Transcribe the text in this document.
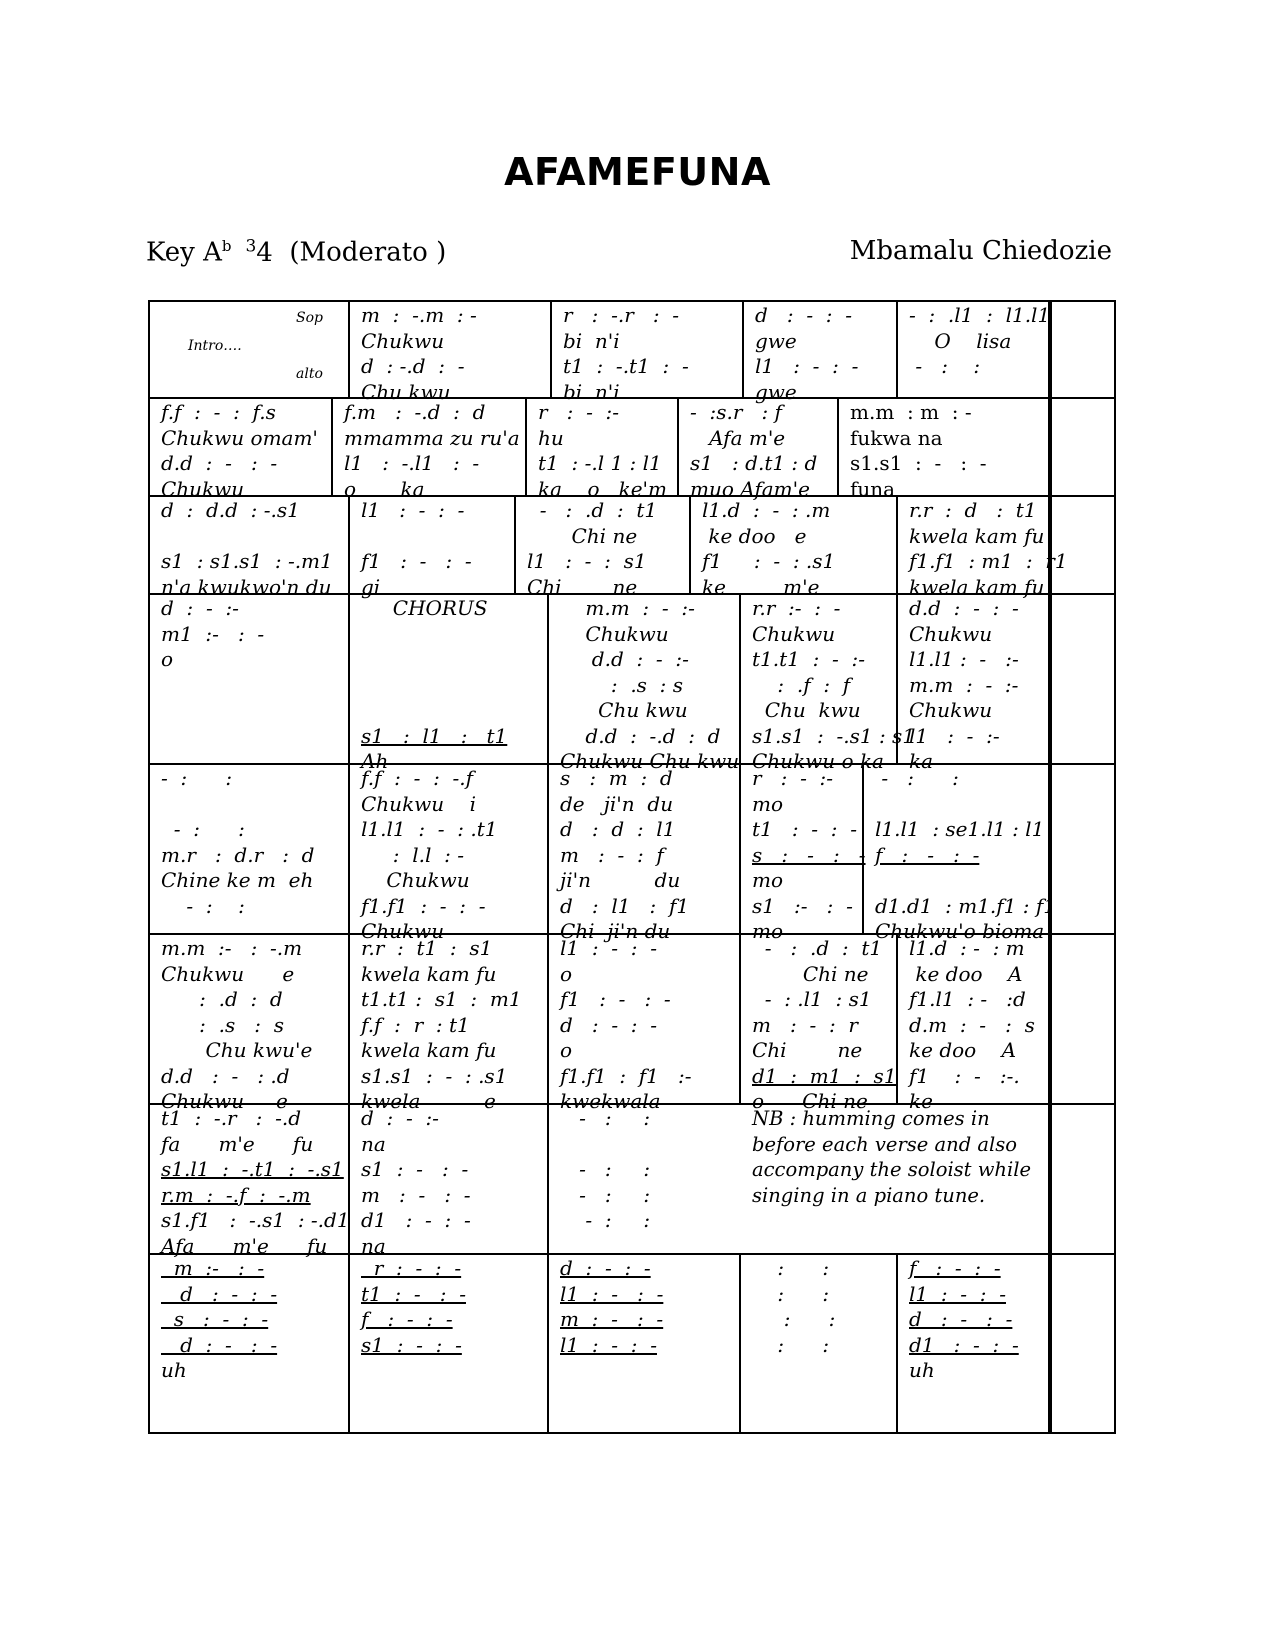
AFAMEFUNA
Key $A^b$ $^3$4 (Moderato )	Mbamalu Chiedozie
Sop
Intro….
alto
m  :  -.m  : -
Chukwu
d  : -.d  :  -
Chu kwu
r   :  -.r   :  -
bi  n'i
t1  :  -.t1  :  -
bi  n'i
d   :  -  :  -
gwe
l1   :  -  :  -
gwe
-  :  .l1  :  l1.l1
O    lisa
-   :    :
f.f  :  -  :  f.s
Chukwu omam'
d.d  :  -   :  -
Chukwu
f.m   :  -.d  :  d
mmamma zu ru'a
l1   :  -.l1   :  -
o       ka
r   :  -  :-
hu
t1  : -.l 1 : l1
ka    o   ke'm
-  :s.r   : f
Afa m'e
s1   : d.t1 : d
muo Afam'e
m.m  : m  : -
fukwa na
s1.s1  :  -   :  -
funa
d  :  d.d  : -.s1
s1  : s1.s1  : -.m1
n'a kwukwo'n du
l1   :  -  :  -
f1   :  -   :  -
gi
-   :  .d  :  t1
Chi ne
l1   :  -  :  s1
Chi        ne
l1.d  :  -  : .m
ke doo   e
f1     :  -  : .s1
ke         m'e
r.r  :  d   :  t1
kwela kam fu
f1.f1  : m1  :  r1
kwela kam fu
d  :  -  :-
m1  :-   :  -
o
CHORUS
s1   :  l1   :   t1
Ah
m.m  :  -  :-
Chukwu
d.d  :  -  :-
:  .s  : s
Chu kwu
d.d  :  -.d  :  d
Chukwu Chu kwu
r.r  :-  :  -
Chukwu
t1.t1  :  -  :-
:  .f  :  f
Chu  kwu
s1.s1  :  -.s1 : s1
Chukwu o ka
d.d  :  -  :  -
Chukwu
l1.l1 :  -   :-
m.m  :  -  :-
Chukwu
l1   :  -  :-
ka
-  :      :
-  :      :
m.r   :  d.r   :  d
Chine ke m  eh
-  :    :
f.f  :  -  :  -.f
Chukwu    i
l1.l1  :  -  : .t1
:  l.l  : -
Chukwu
f1.f1  :  -  :  -
Chukwu
s   :  m  :  d
de   ji'n  du
d   :  d  :  l1
m   :  -  :  f
ji'n          du
d   :  l1   :  f1
Chi  ji'n du
r   :  -  :-
mo
t1   :  -  :  -
s   :   -   :   -
mo
s1   :-   :  -
mo
-   :      :
l1.l1  : se1.l1 : l1
f   :   -   :  -
d1.d1  : m1.f1 : f1
Chukwu'o bioma
m.m  :-   :  -.m
Chukwu      e
:  .d  :  d
:  .s   :  s
Chu kwu'e
d.d   :  -   : .d
Chukwu     e
r.r  :  t1  :  s1
kwela kam fu
t1.t1 :  s1  :  m1
f.f  :  r  : t1
kwela kam fu
s1.s1  :  -  : .s1
kwela          e
l1  :  -  :  -
o
f1   :  -   :  -
d   :  -  :  -
o
f1.f1  :  f1   :-
kwekwala
-   :  .d  :  t1
Chi ne
-  : .l1  : s1
m   :  -  :  r
Chi        ne
d1  :  m1  :  s1
o      Chi ne
l1.d  : -  : m
ke doo    A
f1.l1  : -   :d
d.m  :  -   :  s
ke doo    A
f1    :  -   :-.
ke
t1  :  -.r   :  -.d
fa      m'e      fu
s1.l1  :  -.t1  :  -.s1
r.m  :  -.f  :  -.m
s1.f1   :  -.s1  : -.d1
Afa      m'e      fu
d  :  -  :-
na
s1  :  -   :  -
m   :  -   :  -
d1   :  -  :  -
na
-   :     :
-   :     :
-   :     :
-  :     :
NB : humming comes in before each verse and also accompany the soloist while singing in a piano tune.
m  :-   :  -
d   :  -  :  -
s   :  -  :  -
d  :  -   :  -
uh
r  :  -  :  -
t1  :  -   :  -
f   :  -  :  -
s1  :  -  :  -
d  :  -  :  -
l1  :  -   :  -
m  :  -   :  -
l1  :  -  :  -
:      :
:      :
:      :
:      :
f   :  -  :  -
l1  :  -  :  -
d   :  -   :  -
d1   :  -  :  -
uh
